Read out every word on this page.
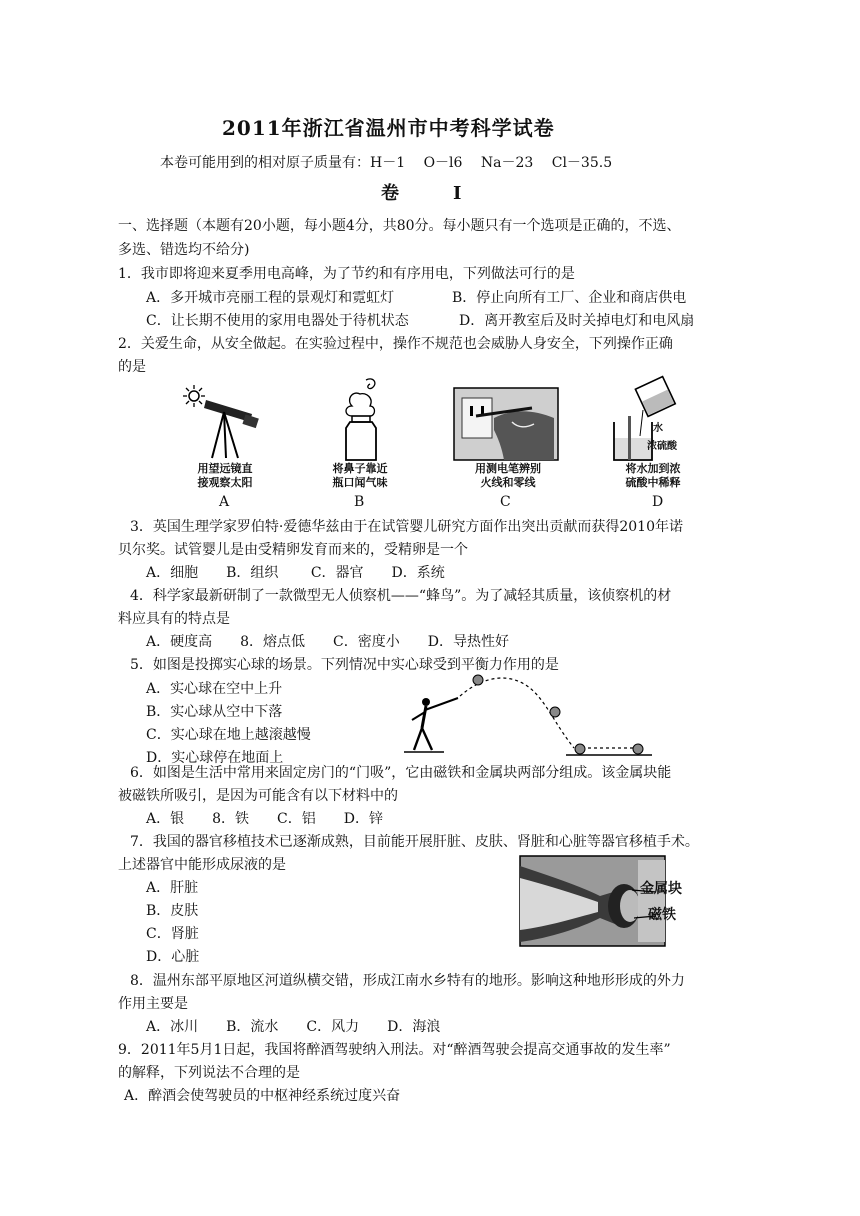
2011年浙江省温州市中考科学试卷
本卷可能用到的相对原子质量有：H－1　 O－l6　 Na－23　 Cl－35.5
卷　I
一、选择题（本题有20小题，每小题4分，共80分。每小题只有一个选项是正确的，不选、
多选、错选均不给分)
1．我市即将迎来夏季用电高峰，为了节约和有序用电，下列做法可行的是
A．多开城市亮丽工程的景观灯和霓虹灯	B．停止向所有工厂、企业和商店供电
C．让长期不使用的家用电器处于待机状态	D．离开教室后及时关掉电灯和电风扇
2．关爱生命，从安全做起。在实验过程中，操作不规范也会威胁人身安全，下列操作正确
的是
用望远镜直
接观察太阳
A
将鼻子靠近
瓶口闻气味
B
用测电笔辨别
火线和零线
C
水
浓硫酸
将水加到浓
硫酸中稀释
D
3．英国生理学家罗伯特·爱德华兹由于在试管婴儿研究方面作出突出贡献而获得2010年诺
贝尔奖。试管婴儿是由受精卵发育而来的，受精卵是一个
A．细胞　　B．组织　　 C．器官　　D．系统
4．科学家最新研制了一款微型无人侦察机——“蜂鸟”。为了减轻其质量，该侦察机的材
料应具有的特点是
A．硬度高　　8．熔点低　　C．密度小　　D．导热性好
5．如图是投掷实心球的场景。下列情况中实心球受到平衡力作用的是
A．实心球在空中上升
B．实心球从空中下落
C．实心球在地上越滚越慢
D．实心球停在地面上
6．如图是生活中常用来固定房门的“门吸”，它由磁铁和金属块两部分组成。该金属块能
被磁铁所吸引，是因为可能含有以下材料中的
A．银　　8．铁　　C．铝　　D．锌
7．我国的器官移植技术已逐渐成熟，目前能开展肝脏、皮肤、肾脏和心脏等器官移植手术。
上述器官中能形成尿液的是
A．肝脏
B．皮肤
C．肾脏
D．心脏
金属块
磁铁
8．温州东部平原地区河道纵横交错，形成江南水乡特有的地形。影响这种地形形成的外力
作用主要是
A．冰川　　B．流水　　C．风力　　D．海浪
9．2011年5月1日起，我国将醉酒驾驶纳入刑法。对“醉酒驾驶会提高交通事故的发生率”
的解释，下列说法不合理的是
A．醉酒会使驾驶员的中枢神经系统过度兴奋
